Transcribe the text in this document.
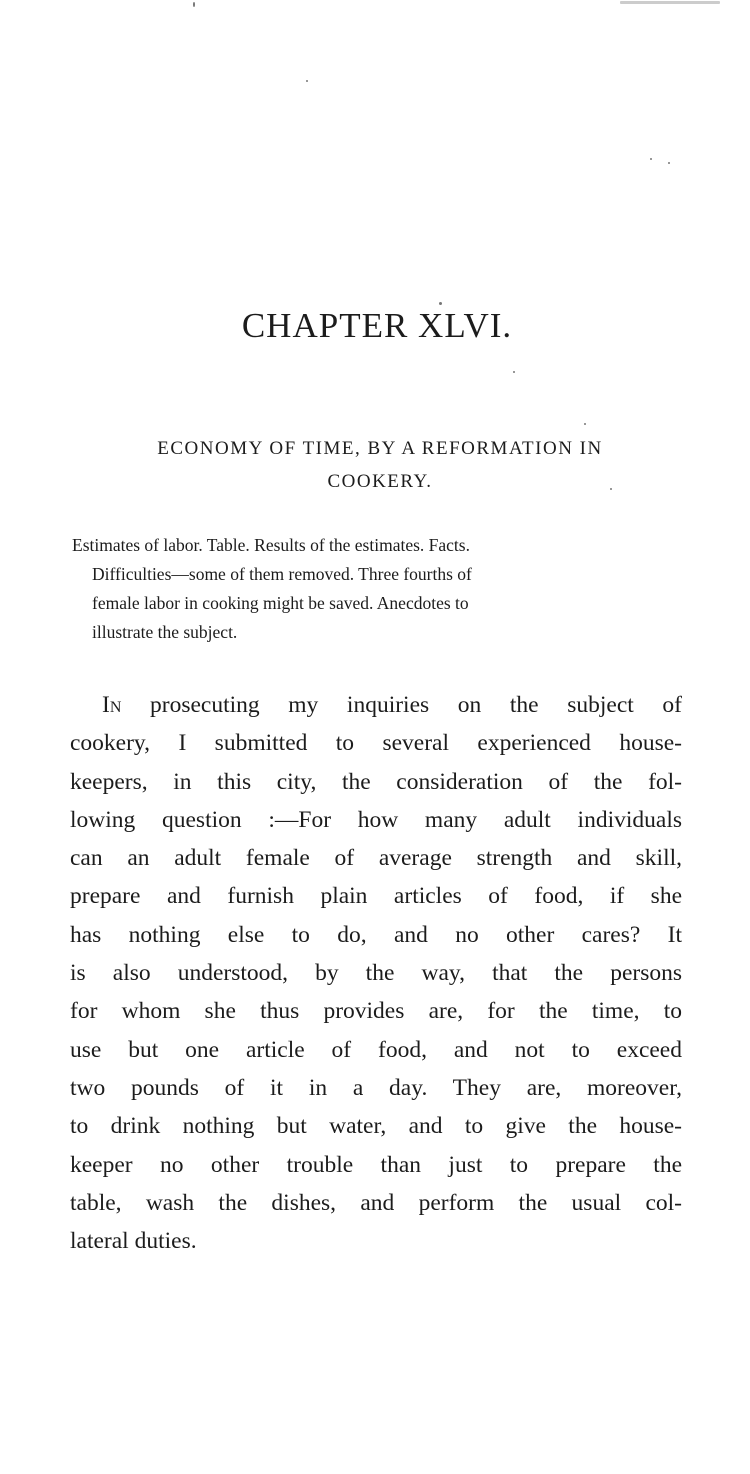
CHAPTER XLVI.
ECONOMY OF TIME, BY A REFORMATION IN
COOKERY.

Estimates of labor. Table. Results of the estimates. Facts.
Difficulties—some of them removed. Three fourths of
female labor in cooking might be saved. Anecdotes to
illustrate the subject.

In prosecuting my inquiries on the subject of
cookery, I submitted to several experienced house-
keepers, in this city, the consideration of the fol-
lowing question :—For how many adult individuals
can an adult female of average strength and skill,
prepare and furnish plain articles of food, if she
has nothing else to do, and no other cares? It
is also understood, by the way, that the persons
for whom she thus provides are, for the time, to
use but one article of food, and not to exceed
two pounds of it in a day. They are, moreover,
to drink nothing but water, and to give the house-
keeper no other trouble than just to prepare the
table, wash the dishes, and perform the usual col-
lateral duties.
